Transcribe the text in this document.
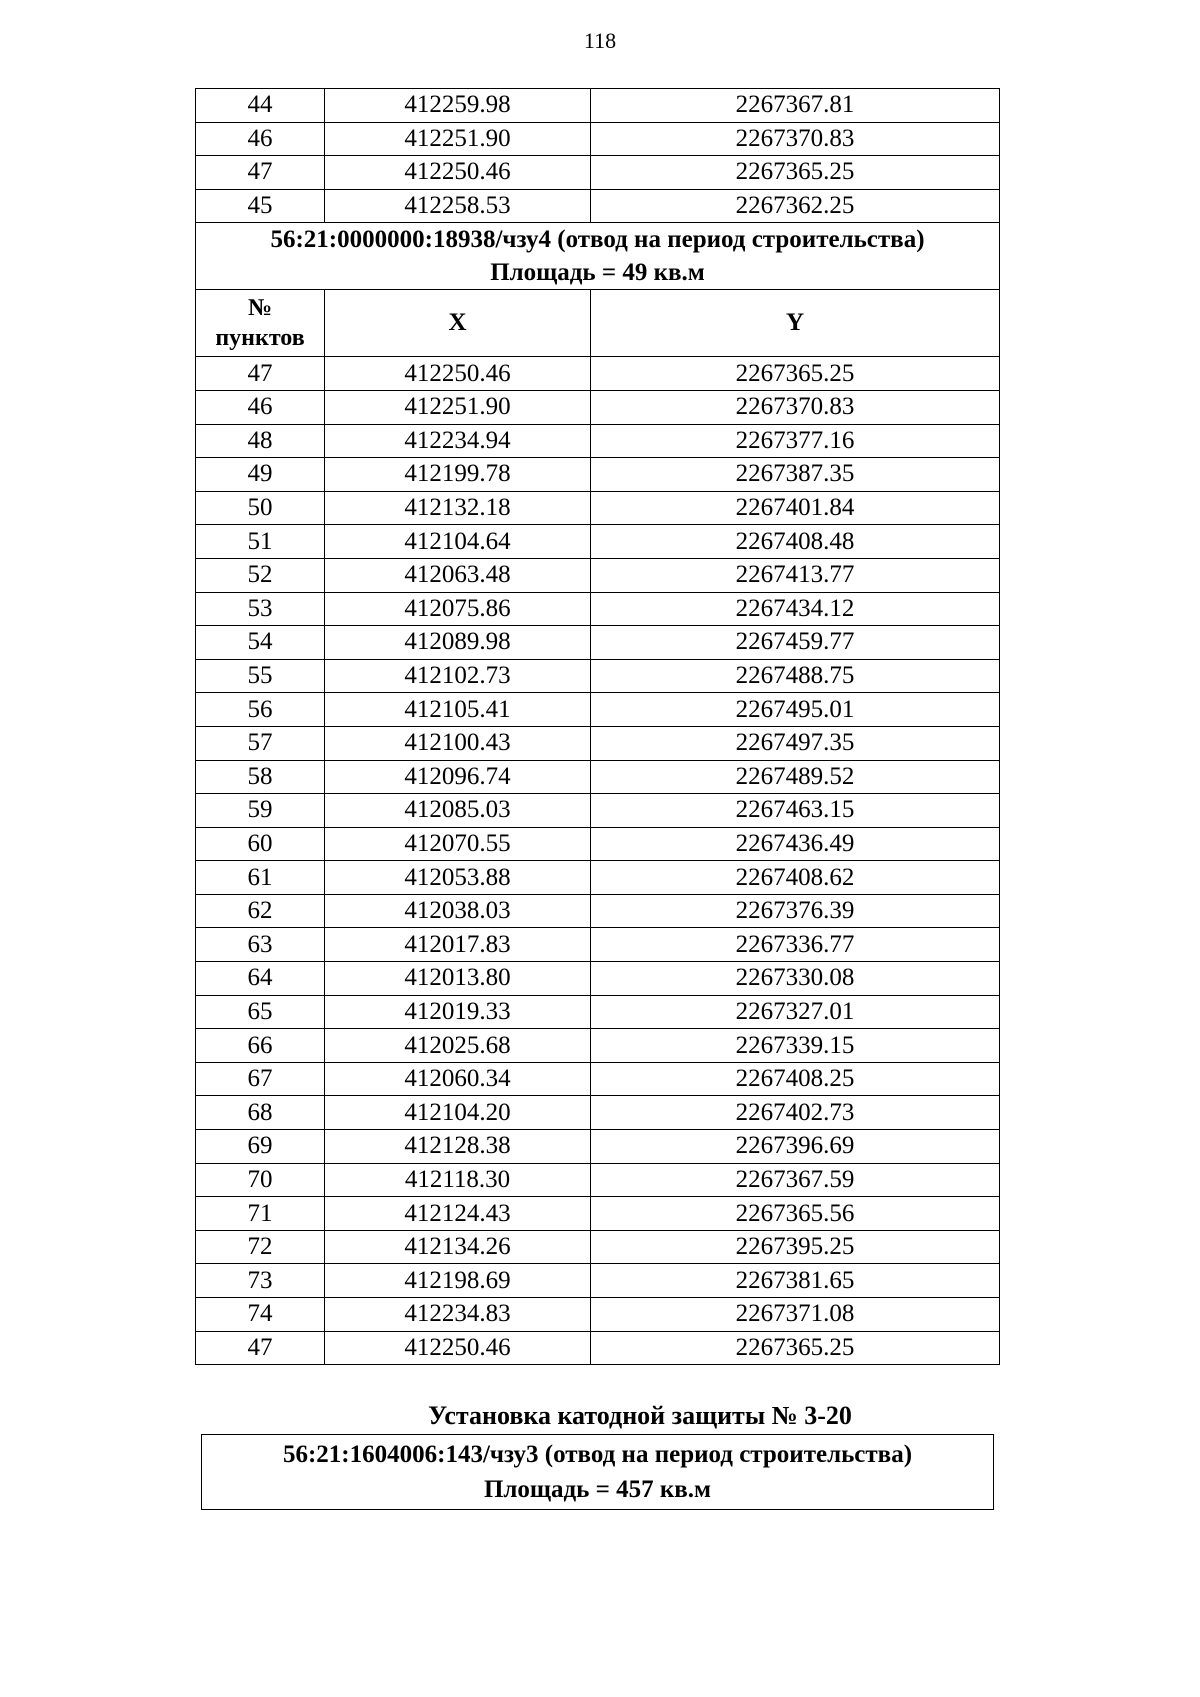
118
44	412259.98	2267367.81
46	412251.90	2267370.83
47	412250.46	2267365.25
45	412258.53	2267362.25

56:21:0000000:18938/чзу4 (отвод на период строительства)
Площадь = 49 кв.м		

№
пунктов	X	Y
47	412250.46	2267365.25
46	412251.90	2267370.83
48	412234.94	2267377.16
49	412199.78	2267387.35
50	412132.18	2267401.84
51	412104.64	2267408.48
52	412063.48	2267413.77
53	412075.86	2267434.12
54	412089.98	2267459.77
55	412102.73	2267488.75
56	412105.41	2267495.01
57	412100.43	2267497.35
58	412096.74	2267489.52
59	412085.03	2267463.15
60	412070.55	2267436.49
61	412053.88	2267408.62
62	412038.03	2267376.39
63	412017.83	2267336.77
64	412013.80	2267330.08
65	412019.33	2267327.01
66	412025.68	2267339.15
67	412060.34	2267408.25
68	412104.20	2267402.73
69	412128.38	2267396.69
70	412118.30	2267367.59
71	412124.43	2267365.56
72	412134.26	2267395.25
73	412198.69	2267381.65
74	412234.83	2267371.08
47	412250.46	2267365.25
Установка катодной защиты № 3-20
56:21:1604006:143/чзу3 (отвод на период строительства)
Площадь = 457 кв.м
